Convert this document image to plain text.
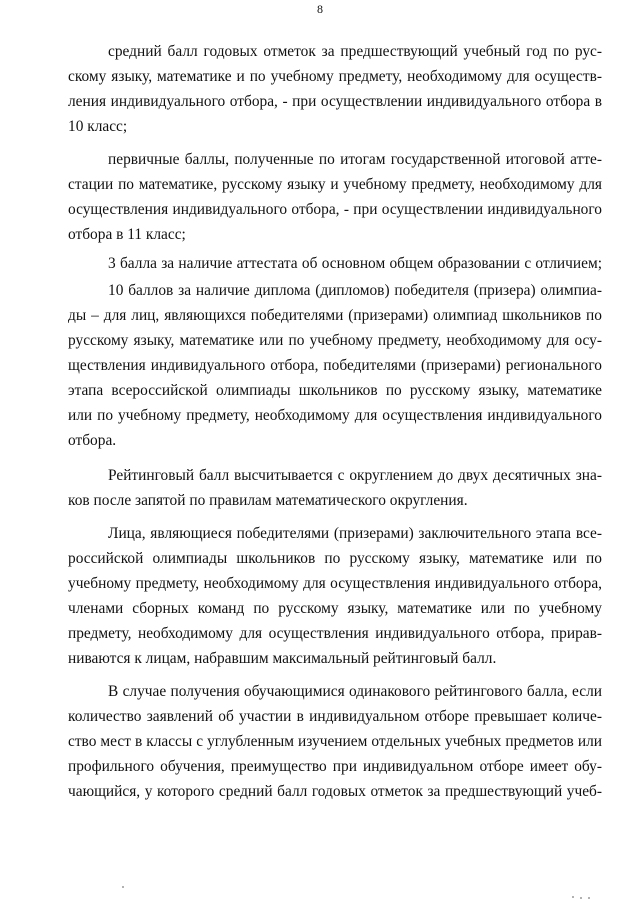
8
средний балл годовых отметок за предшествующий учебный год по рус-
скому языку, математике и по учебному предмету, необходимому для осуществ-
ления индивидуального отбора, - при осуществлении индивидуального отбора в
10 класс;
первичные баллы, полученные по итогам государственной итоговой атте-
стации по математике, русскому языку и учебному предмету, необходимому для
осуществления индивидуального отбора, - при осуществлении индивидуального
отбора в 11 класс;
3 балла за наличие аттестата об основном общем образовании с отличием;
10 баллов за наличие диплома (дипломов) победителя (призера) олимпиа-
ды – для лиц, являющихся победителями (призерами) олимпиад школьников по
русскому языку, математике или по учебному предмету, необходимому для осу-
ществления индивидуального отбора, победителями (призерами) регионального
этапа всероссийской олимпиады школьников по русскому языку, математике
или по учебному предмету, необходимому для осуществления индивидуального
отбора.
Рейтинговый балл высчитывается с округлением до двух десятичных зна-
ков после запятой по правилам математического округления.
Лица, являющиеся победителями (призерами) заключительного этапа все-
российской олимпиады школьников по русскому языку, математике или по
учебному предмету, необходимому для осуществления индивидуального отбора,
членами сборных команд по русскому языку, математике или по учебному
предмету, необходимому для осуществления индивидуального отбора, прирав-
ниваются к лицам, набравшим максимальный рейтинговый балл.
В случае получения обучающимися одинакового рейтингового балла, если
количество заявлений об участии в индивидуальном отборе превышает количе-
ство мест в классы с углубленным изучением отдельных учебных предметов или
профильного обучения, преимущество при индивидуальном отборе имеет обу-
чающийся, у которого средний балл годовых отметок за предшествующий учеб-
